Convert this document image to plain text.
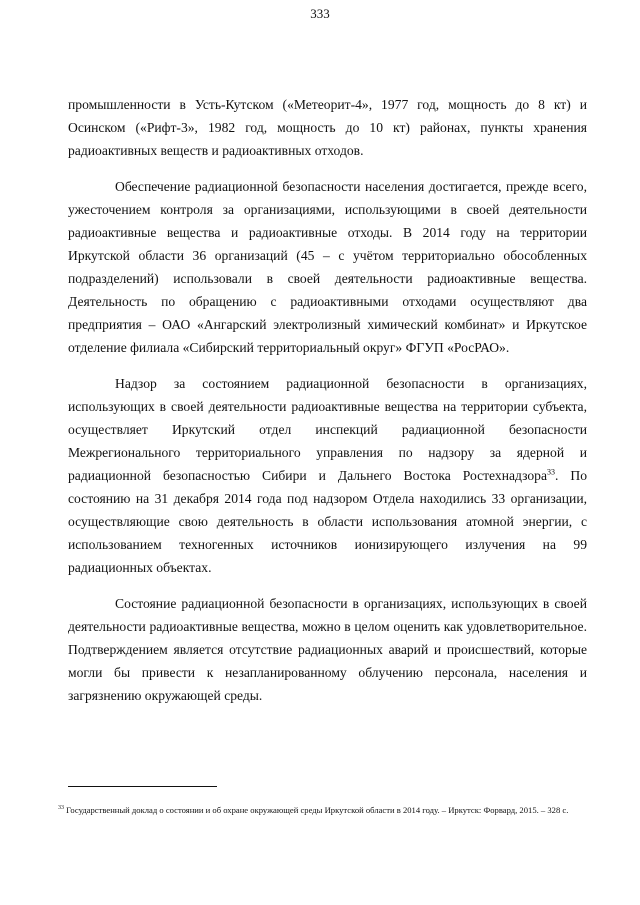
333

промышленности в Усть-Кутском («Метеорит-4», 1977 год, мощность до 8 кт) и Осинском («Рифт-3», 1982 год, мощность до 10 кт) районах, пункты хранения радиоактивных веществ и радиоактивных отходов.

Обеспечение радиационной безопасности населения достигается, прежде всего, ужесточением контроля за организациями, использующими в своей деятельности радиоактивные вещества и радиоактивные отходы. В 2014 году на территории Иркутской области 36 организаций (45 – с учётом территориально обособленных подразделений) использовали в своей деятельности радиоактивные вещества. Деятельность по обращению с радиоактивными отходами осуществляют два предприятия – ОАО «Ангарский электролизный химический комбинат» и Иркутское отделение филиала «Сибирский территориальный округ» ФГУП «РосРАО».

Надзор за состоянием радиационной безопасности в организациях, использующих в своей деятельности радиоактивные вещества на территории субъекта, осуществляет Иркутский отдел инспекций радиационной безопасности Межрегионального территориального управления по надзору за ядерной и радиационной безопасностью Сибири и Дальнего Востока Ростехнадзора$^{33}$. По состоянию на 31 декабря 2014 года под надзором Отдела находились 33 организации, осуществляющие свою деятельность в области использования атомной энергии, с использованием техногенных источников ионизирующего излучения на 99 радиационных объектах.

Состояние радиационной безопасности в организациях, использующих в своей деятельности радиоактивные вещества, можно в целом оценить как удовлетворительное. Подтверждением является отсутствие радиационных аварий и происшествий, которые могли бы привести к незапланированному облучению персонала, населения и загрязнению окружающей среды.

$^{33}$ Государственный доклад о состоянии и об охране окружающей среды Иркутской области в 2014 году. – Иркутск: Форвард, 2015. – 328 с.
